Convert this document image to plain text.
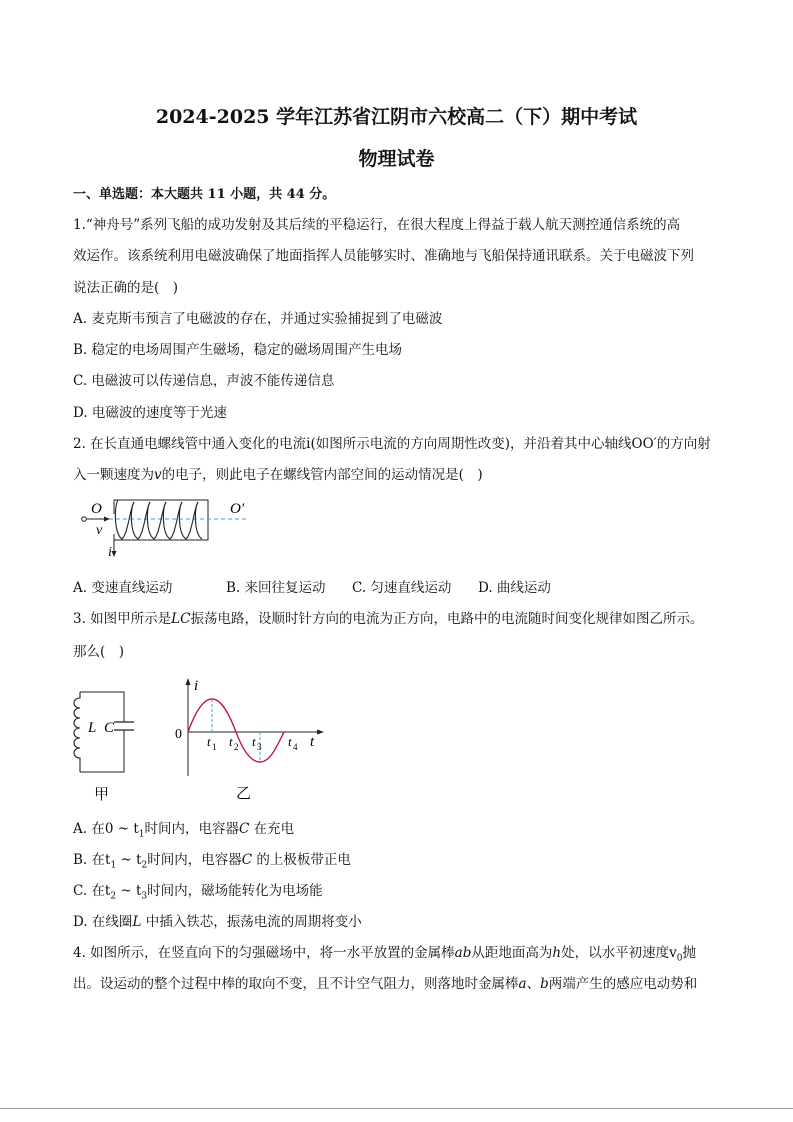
2024-2025 学年江苏省江阴市六校高二（下）期中考试
物理试卷
一、单选题：本大题共 11 小题，共 44 分。
1.“神舟号”系列飞船的成功发射及其后续的平稳运行，在很大程度上得益于载人航天测控通信系统的高
效运作。该系统利用电磁波确保了地面指挥人员能够实时、准确地与飞船保持通讯联系。关于电磁波下列
说法正确的是(　)
A. 麦克斯韦预言了电磁波的存在，并通过实验捕捉到了电磁波
B. 稳定的电场周围产生磁场，稳定的磁场周围产生电场
C. 电磁波可以传递信息，声波不能传递信息
D. 电磁波的速度等于光速
2. 在长直通电螺线管中通入变化的电流i(如图所示电流的方向周期性改变)，并沿着其中心轴线OO′的方向射
入一颗速度为v的电子，则此电子在螺线管内部空间的运动情况是(　)
O	O′
v
i
A. 变速直线运动	B. 来回往复运动 C. 匀速直线运动 D. 曲线运动
3. 如图甲所示是LC振荡电路，设顺时针方向的电流为正方向，电路中的电流随时间变化规律如图乙所示。
那么(　)
L C
甲
i
0	t
t 1 t 2 t 3 t 4
乙
A. 在0 ~ $t_1$时间内，电容器C 在充电
B. 在$t_1$ ~ $t_2$时间内，电容器C 的上极板带正电
C. 在$t_2$ ~ $t_3$时间内，磁场能转化为电场能
D. 在线圈L 中插入铁芯，振荡电流的周期将变小
4. 如图所示，在竖直向下的匀强磁场中，将一水平放置的金属棒ab从距地面高为h处，以水平初速度$v_0$抛
出。设运动的整个过程中棒的取向不变，且不计空气阻力，则落地时金属棒a、b两端产生的感应电动势和
